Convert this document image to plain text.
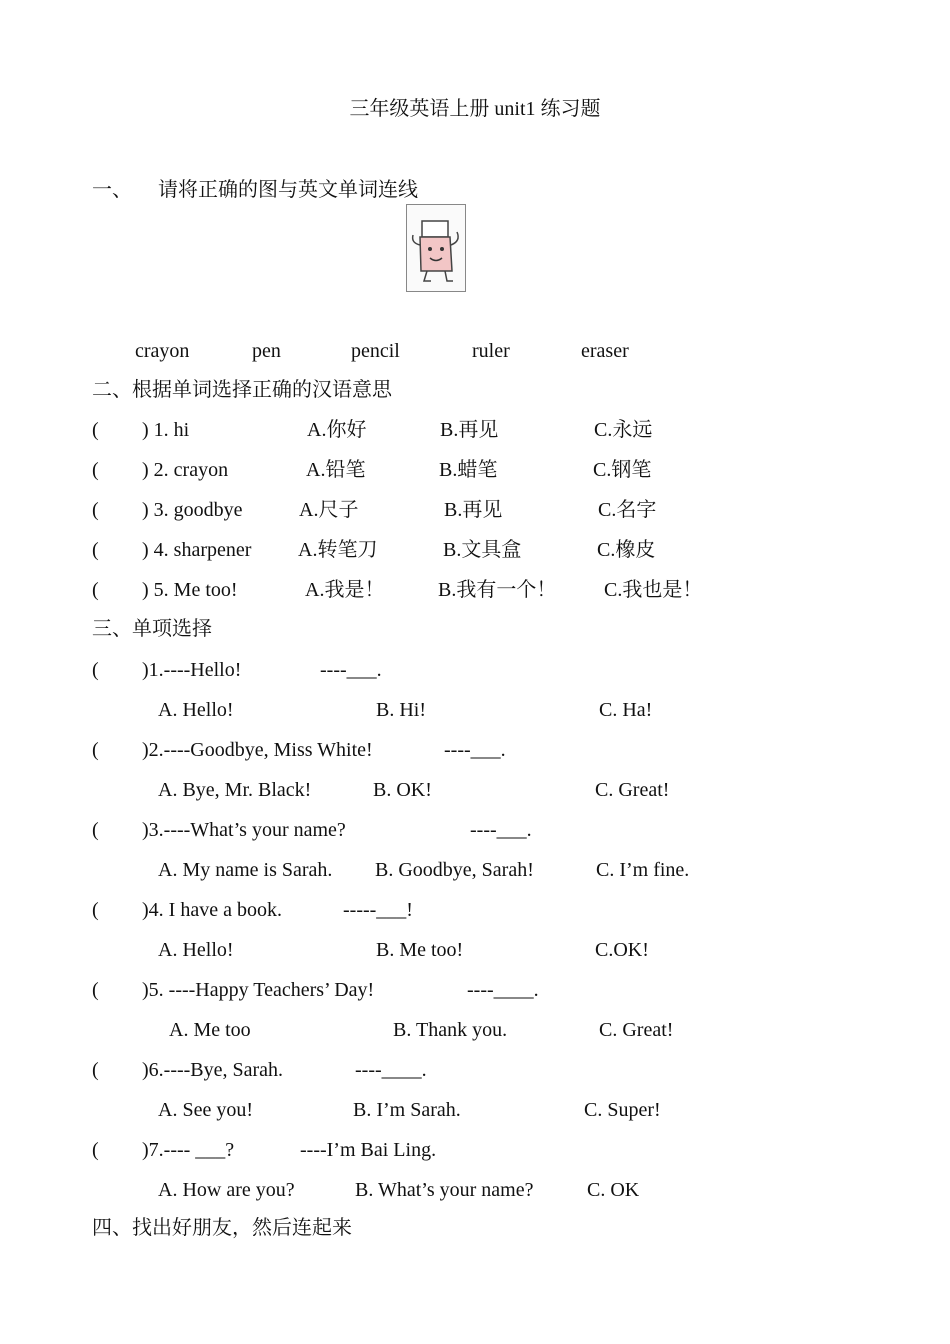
三年级英语上册 unit1 练习题
一、 请将正确的图与英文单词连线
crayon	pen	pencil	ruler	eraser
二、根据单词选择正确的汉语意思
( ) 1. hi	A.你好	B.再见	C.永远
( ) 2. crayon	A.铅笔	B.蜡笔	C.钢笔
( ) 3. goodbye	A.尺子	B.再见	C.名字
( ) 4. sharpener A.转笔刀	B.文具盒	C.橡皮
( ) 5. Me too!	A.我是！	B.我有一个！ C.我也是！
三、单项选择
( )1.----Hello!	----___.
A. Hello!	B. Hi!	C. Ha!
( )2.----Goodbye, Miss White!	----___.
A. Bye, Mr. Black!	B. OK!	C. Great!
( )3.----What’s your name?	----___.
A. My name is Sarah. B. Goodbye, Sarah!	C. I’m fine.
( )4. I have a book.	-----___!
A. Hello!	B. Me too!	C.OK!
( )5. ----Happy Teachers’ Day!	----____.
A. Me too	B. Thank you.	C. Great!
( )6.----Bye, Sarah.	----____.
A. See you!	B. I’m Sarah.	C. Super!
( )7.---- ___?	----I’m Bai Ling.
A. How are you?	B. What’s your name?	C. OK
四、找出好朋友，然后连起来
